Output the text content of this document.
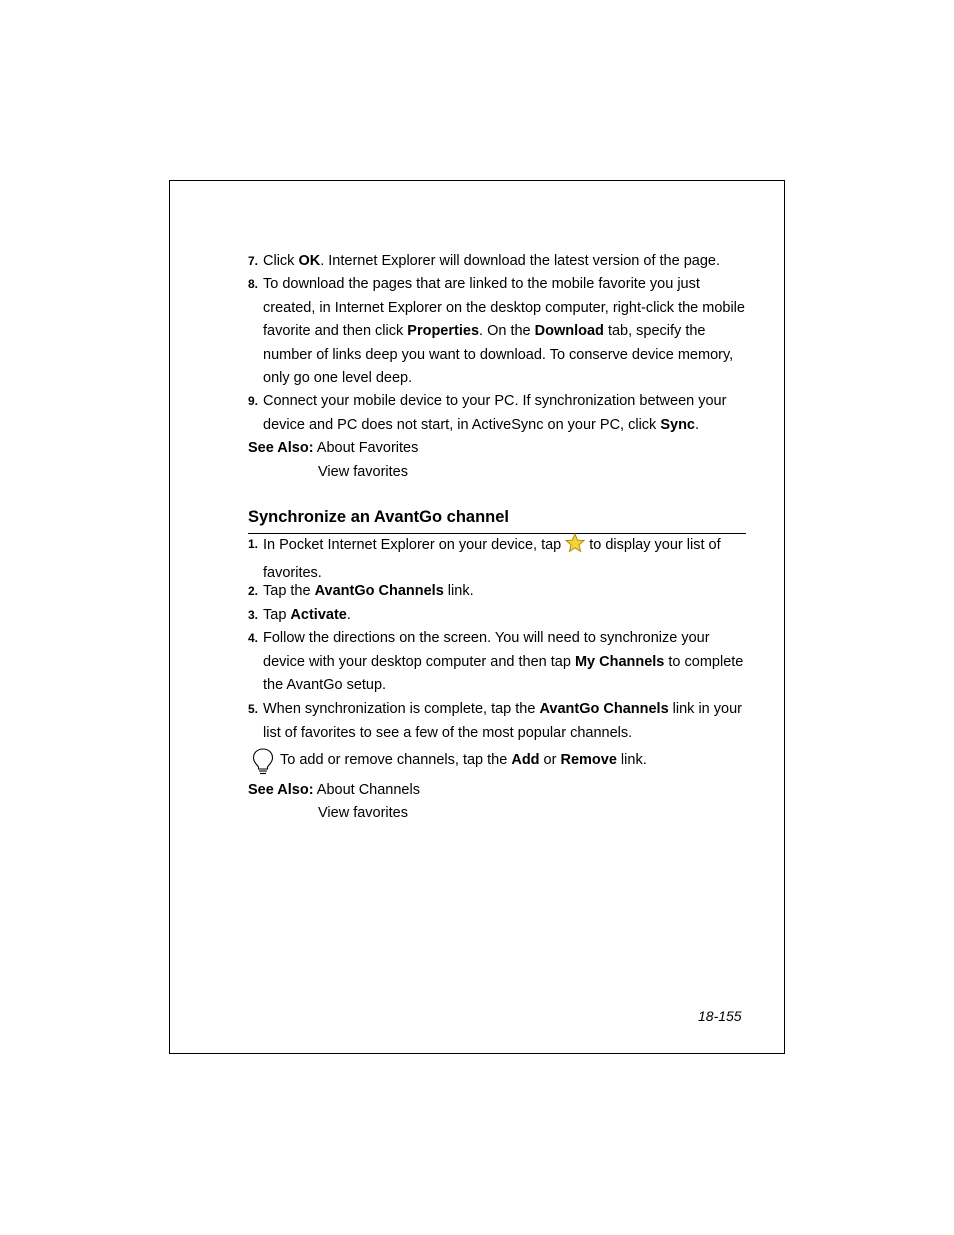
7. Click OK. Internet Explorer will download the latest version of the page.
8. To download the pages that are linked to the mobile favorite you just created, in Internet Explorer on the desktop computer, right-click the mobile favorite and then click Properties. On the Download tab, specify the number of links deep you want to download. To conserve device memory, only go one level deep.
9. Connect your mobile device to your PC. If synchronization between your device and PC does not start, in ActiveSync on your PC, click Sync.
See Also: About Favorites
View favorites
Synchronize an AvantGo channel
1. In Pocket Internet Explorer on your device, tap to display your list of favorites.
2. Tap the AvantGo Channels link.
3. Tap Activate.
4. Follow the directions on the screen. You will need to synchronize your device with your desktop computer and then tap My Channels to complete the AvantGo setup.
5. When synchronization is complete, tap the AvantGo Channels link in your list of favorites to see a few of the most popular channels.
To add or remove channels, tap the Add or Remove link.
See Also: About Channels
View favorites
18-155
